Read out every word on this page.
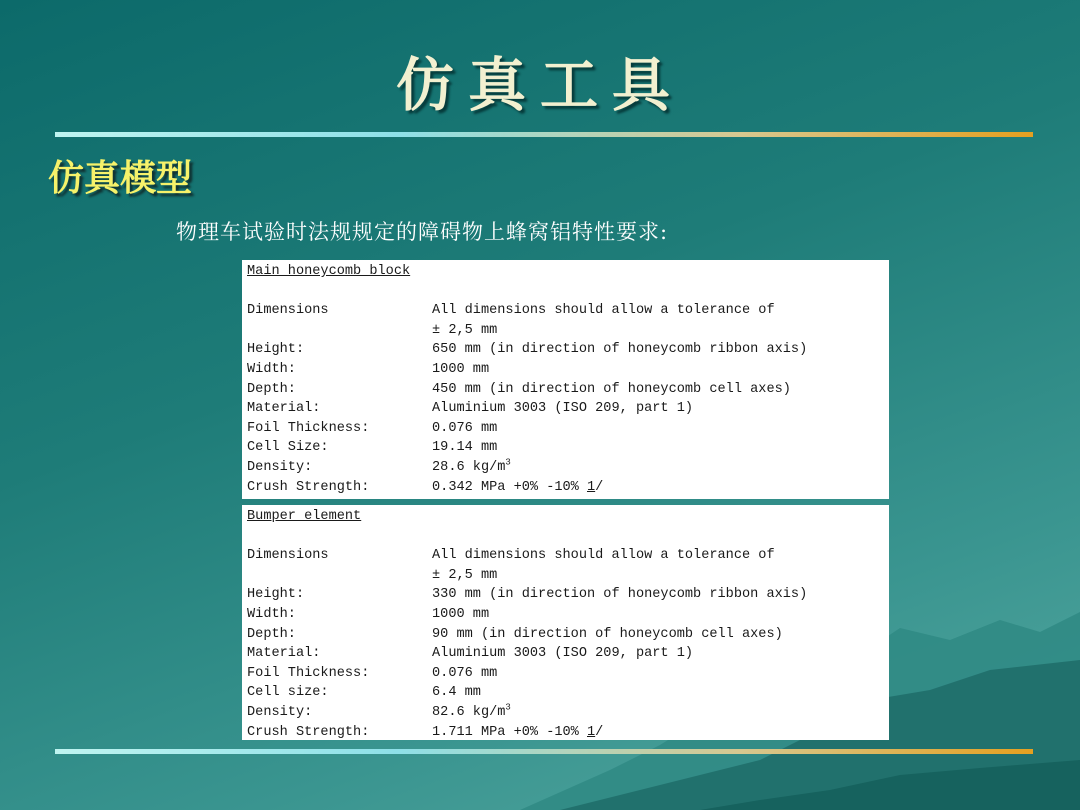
仿真工具
仿真模型
物理车试验时法规规定的障碍物上蜂窝铝特性要求:
Main honeycomb block
Dimensions	All dimensions should allow a tolerance of
± 2,5 mm
Height:	650 mm (in direction of honeycomb ribbon axis)
Width:	1000 mm
Depth:	450 mm (in direction of honeycomb cell axes)
Material:	Aluminium 3003 (ISO 209, part 1)
Foil Thickness:	0.076 mm
Cell Size:	19.14 mm
Density:	28.6 $kg/m^3$
Crush Strength:	0.342 MPa +0% -10% 1/
Bumper element
Dimensions	All dimensions should allow a tolerance of
± 2,5 mm
Height:	330 mm (in direction of honeycomb ribbon axis)
Width:	1000 mm
Depth:	90 mm (in direction of honeycomb cell axes)
Material:	Aluminium 3003 (ISO 209, part 1)
Foil Thickness:	0.076 mm
Cell size:	6.4 mm
Density:	82.6 $kg/m^3$
Crush Strength:	1.711 MPa +0% -10% 1/
